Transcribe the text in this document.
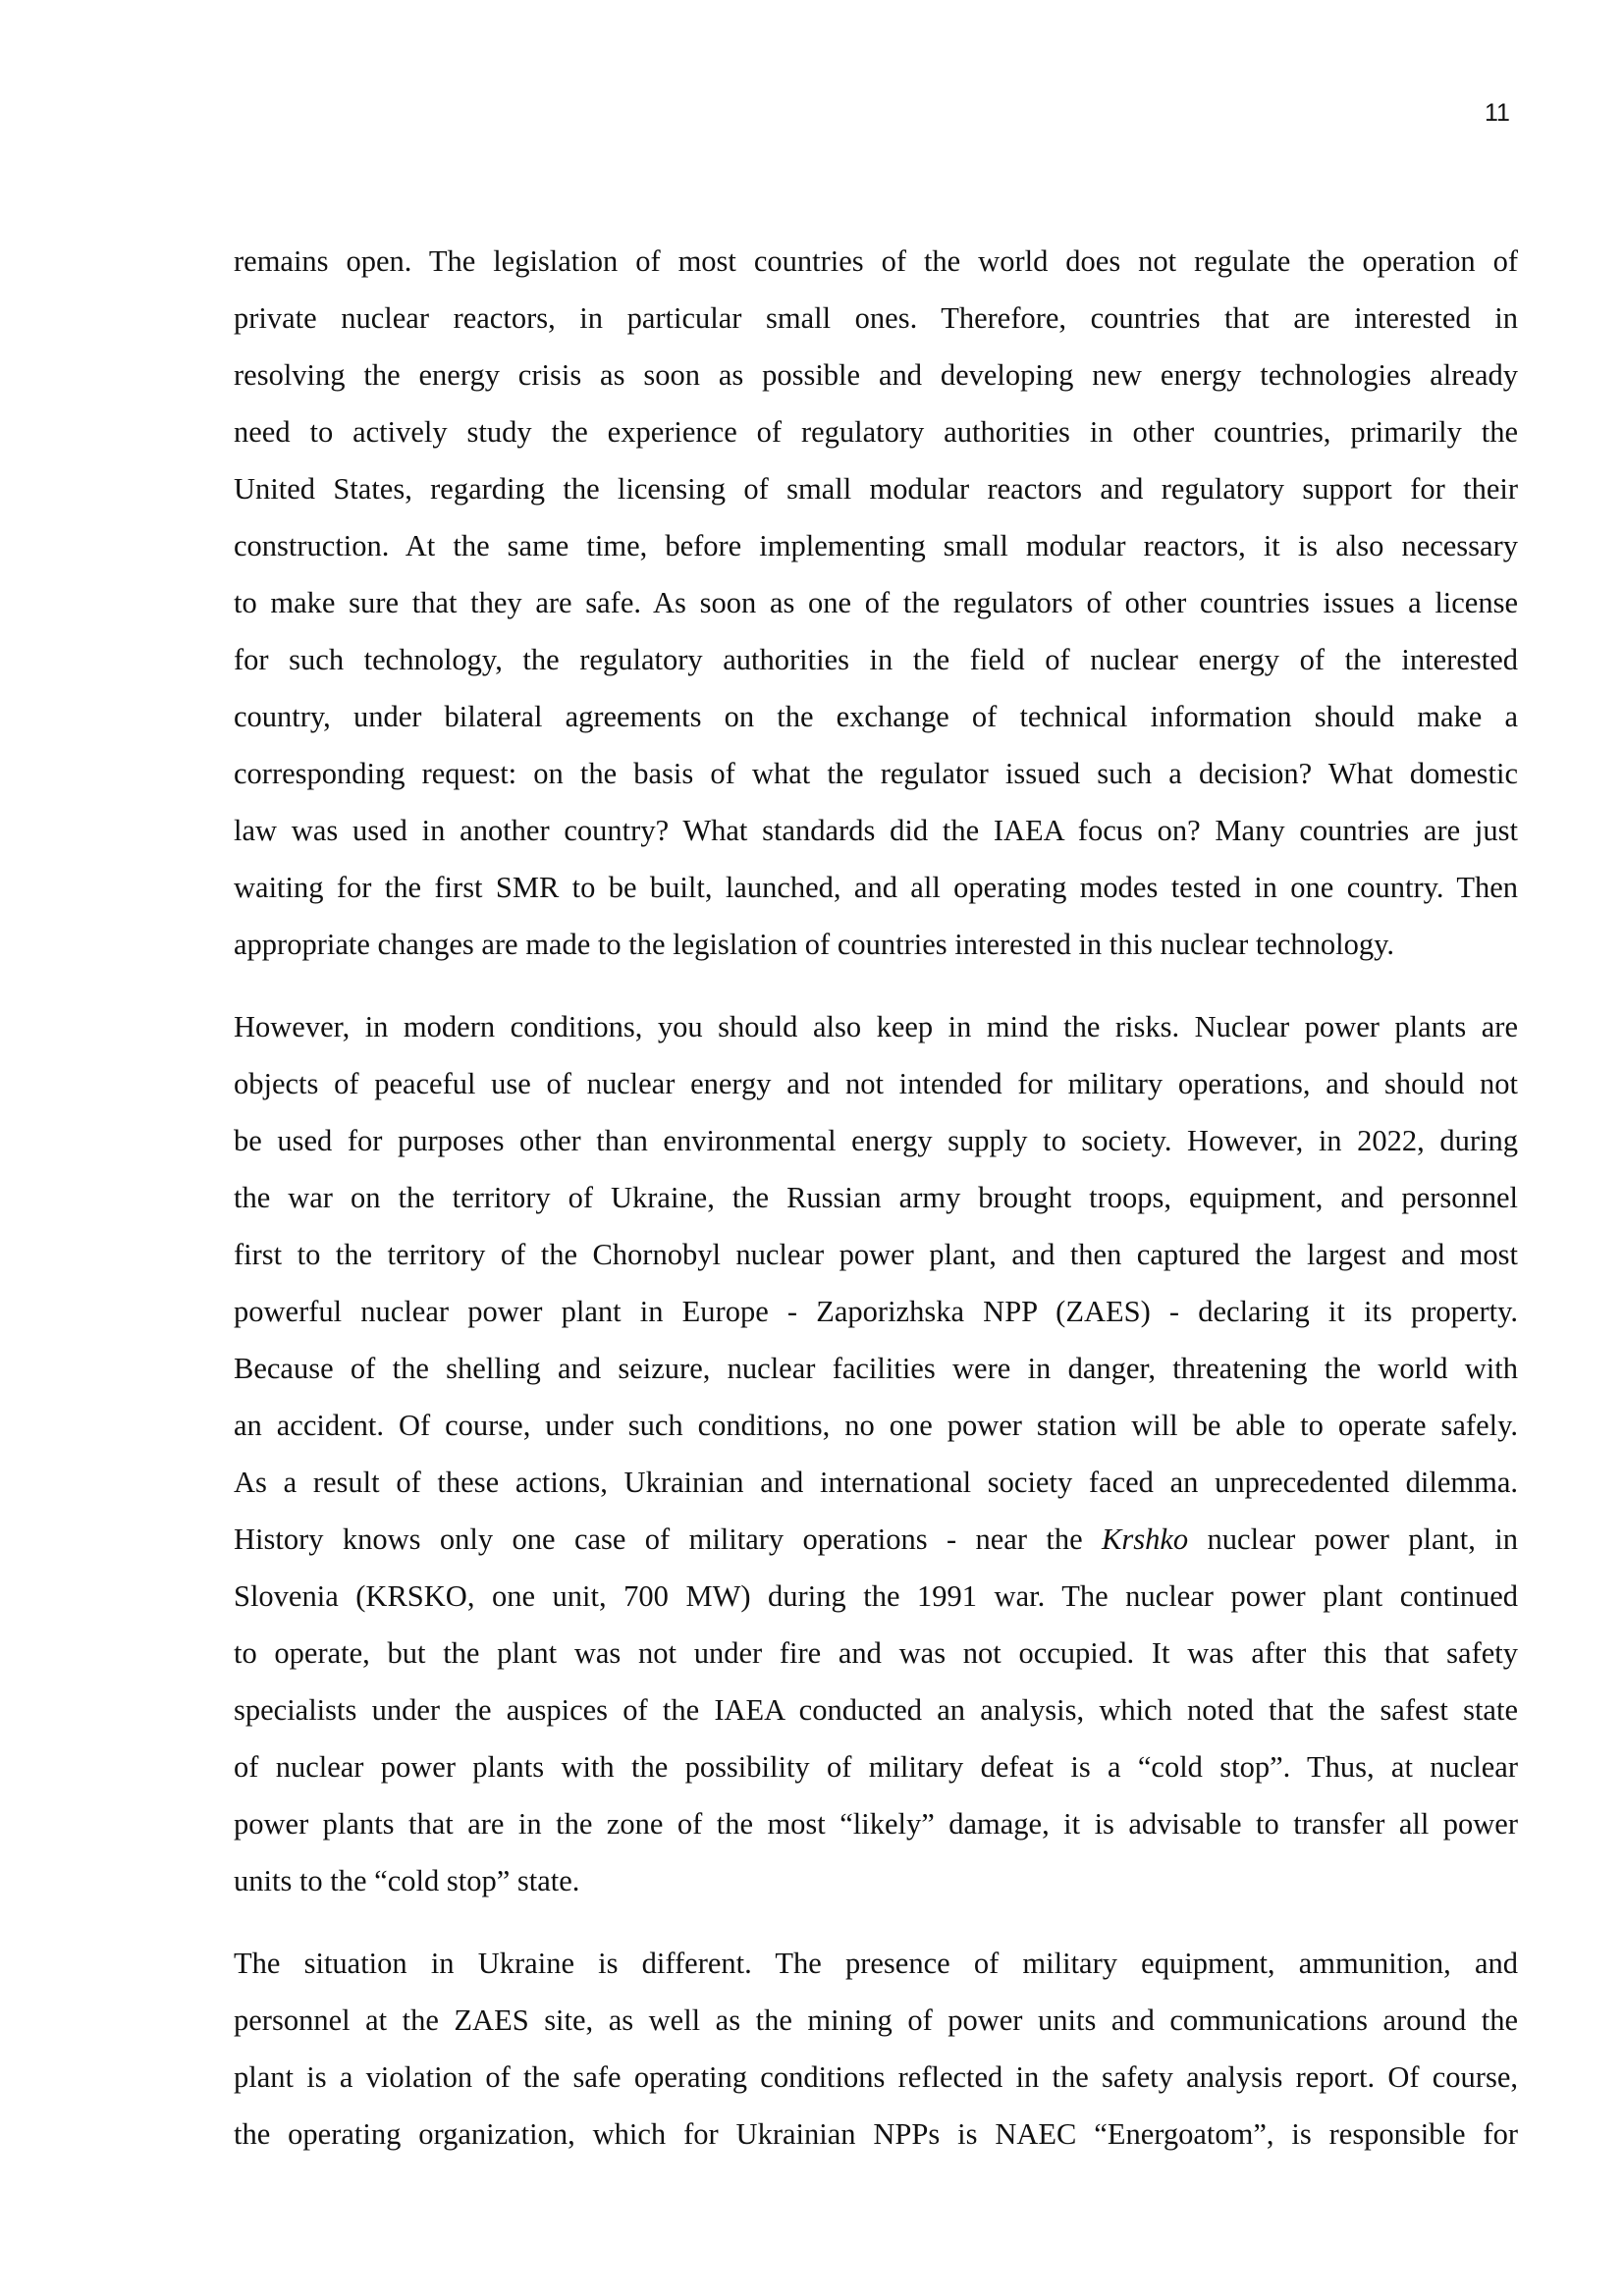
11

remains open. The legislation of most countries of the world does not regulate the operation of
private nuclear reactors, in particular small ones. Therefore, countries that are interested in
resolving the energy crisis as soon as possible and developing new energy technologies already
need to actively study the experience of regulatory authorities in other countries, primarily the
United States, regarding the licensing of small modular reactors and regulatory support for their
construction. At the same time, before implementing small modular reactors, it is also necessary
to make sure that they are safe. As soon as one of the regulators of other countries issues a license
for such technology, the regulatory authorities in the field of nuclear energy of the interested
country, under bilateral agreements on the exchange of technical information should make a
corresponding request: on the basis of what the regulator issued such a decision? What domestic
law was used in another country? What standards did the IAEA focus on? Many countries are just
waiting for the first SMR to be built, launched, and all operating modes tested in one country. Then
appropriate changes are made to the legislation of countries interested in this nuclear technology.

However, in modern conditions, you should also keep in mind the risks. Nuclear power plants are
objects of peaceful use of nuclear energy and not intended for military operations, and should not
be used for purposes other than environmental energy supply to society. However, in 2022, during
the war on the territory of Ukraine, the Russian army brought troops, equipment, and personnel
first to the territory of the Chornobyl nuclear power plant, and then captured the largest and most
powerful nuclear power plant in Europe - Zaporizhska NPP (ZAES) - declaring it its property.
Because of the shelling and seizure, nuclear facilities were in danger, threatening the world with
an accident. Of course, under such conditions, no one power station will be able to operate safely.
As a result of these actions, Ukrainian and international society faced an unprecedented dilemma.
History knows only one case of military operations - near the Krshko nuclear power plant, in
Slovenia (KRSKO, one unit, 700 MW) during the 1991 war. The nuclear power plant continued
to operate, but the plant was not under fire and was not occupied. It was after this that safety
specialists under the auspices of the IAEA conducted an analysis, which noted that the safest state
of nuclear power plants with the possibility of military defeat is a “cold stop”. Thus, at nuclear
power plants that are in the zone of the most “likely” damage, it is advisable to transfer all power
units to the “cold stop” state.

The situation in Ukraine is different. The presence of military equipment, ammunition, and
personnel at the ZAES site, as well as the mining of power units and communications around the
plant is a violation of the safe operating conditions reflected in the safety analysis report. Of course,
the operating organization, which for Ukrainian NPPs is NAEC “Energoatom”, is responsible for
